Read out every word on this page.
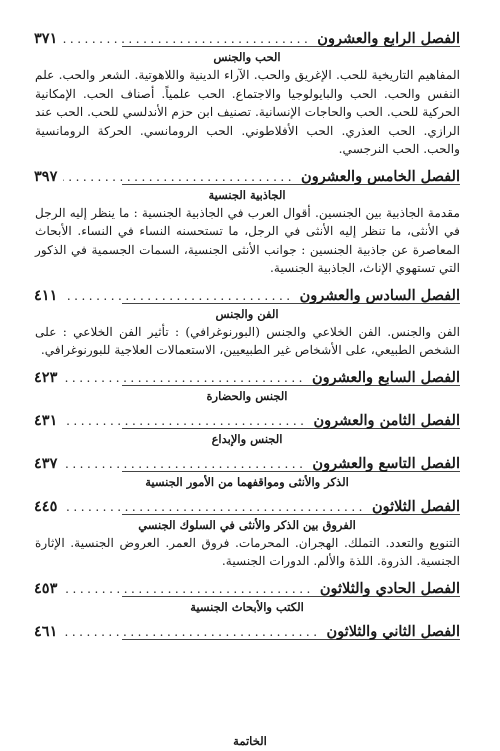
الفصل الرابع والعشرون
.....
٣٧١
الحب والجنس

المفاهيم التاريخية للحب. الإغريق والحب. الآراء الدينية واللاهوتية. الشعر والحب. علم النفس والحب. الحب والبايولوجيا والاجتماع. الحب علمياً. أصناف الحب. الإمكانية الحركية للحب. الحب والحاجات الإنسانية. تصنيف ابن حزم الأندلسي للحب. الحب عند الرازي. الحب العذري. الحب الأفلاطوني. الحب الرومانسي. الحركة الرومانسية والحب. الحب النرجسي.

الفصل الخامس والعشرون
.....
٣٩٧
الجاذبية الجنسية

مقدمة الجاذبية بين الجنسين. أقوال العرب في الجاذبية الجنسية : ما ينظر إليه الرجل في الأنثى، ما تنظر إليه الأنثى في الرجل، ما تستحسنه النساء في النساء. الأبحاث المعاصرة عن جاذبية الجنسين : جوانب الأنثى الجنسية، السمات الجسمية في الذكور التي تستهوي الإناث، الجاذبية الجنسية.

الفصل السادس والعشرون
.....
٤١١
الفن والجنس

الفن والجنس. الفن الخلاعي والجنس (البورنوغرافي) : تأثير الفن الخلاعي : على الشخص الطبيعي، على الأشخاص غير الطبيعيين، الاستعمالات العلاجية للبورنوغرافي.

الفصل السابع والعشرون
.....
٤٢٣
الجنس والحضارة
الفصل الثامن والعشرون
.....
٤٣١
الجنس والإبداع
الفصل التاسع والعشرون
.....
٤٣٧
الذكر والأنثى ومواقفهما من الأمور الجنسية
الفصل الثلاثون
.....
٤٤٥
الفروق بين الذكر والأنثى في السلوك الجنسي

التنويع والتعدد. التملك. الهجران. المحرمات. فروق العمر. العروض الجنسية. الإثارة الجنسية. الذروة. اللذة والألم. الدورات الجنسية.

الفصل الحادي والثلاثون
.....
٤٥٣
الكتب والأبحاث الجنسية
الفصل الثاني والثلاثون
.....
٤٦١
الخاتمة
